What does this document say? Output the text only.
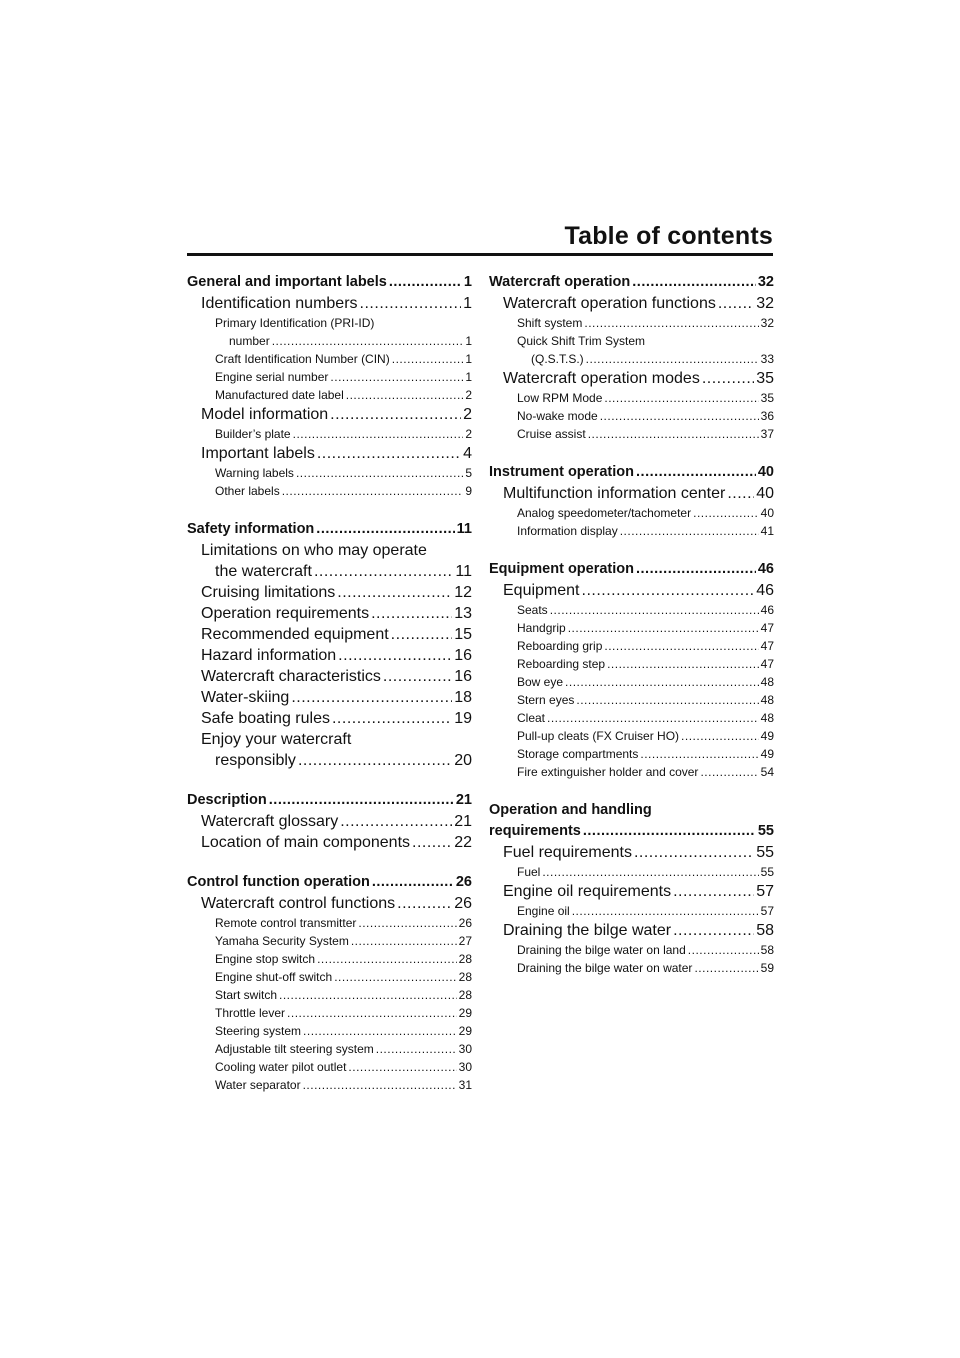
Table of contents
General and important labels .....	1
Identification numbers .....	1
Primary Identification (PRI-ID)
number .....	1
Craft Identification Number (CIN) .....	1
Engine serial number .....	1
Manufactured date label .....	2
Model information .....	2
Builder’s plate .....	2
Important labels .....	4
Warning labels .....	5
Other labels .....	9
Safety information .....	11
Limitations on who may operate
the watercraft .....	11
Cruising limitations .....	12
Operation requirements .....	13
Recommended equipment .....	15
Hazard information .....	16
Watercraft characteristics .....	16
Water-skiing .....	18
Safe boating rules .....	19
Enjoy your watercraft
responsibly .....	20
Description .....	21
Watercraft glossary .....	21
Location of main components .....	22
Control function operation .....	26
Watercraft control functions .....	26
Remote control transmitter .....	26
Yamaha Security System .....	27
Engine stop switch .....	28
Engine shut-off switch .....	28
Start switch .....	28
Throttle lever .....	29
Steering system .....	29
Adjustable tilt steering system .....	30
Cooling water pilot outlet .....	30
Water separator .....	31
Watercraft operation .....	32
Watercraft operation functions .....	32
Shift system .....	32
Quick Shift Trim System
(Q.S.T.S.) .....	33
Watercraft operation modes .....	35
Low RPM Mode .....	35
No-wake mode .....	36
Cruise assist .....	37
Instrument operation .....	40
Multifunction information center ..... 40
Analog speedometer/tachometer .....	40
Information display .....	41
Equipment operation .....	46
Equipment .....	46
Seats .....	46
Handgrip .....	47
Reboarding grip .....	47
Reboarding step .....	47
Bow eye .....	48
Stern eyes .....	48
Cleat .....	48
Pull-up cleats (FX Cruiser HO) .....	49
Storage compartments .....	49
Fire extinguisher holder and cover .....	54
Operation and handling
requirements .....	55
Fuel requirements .....	55
Fuel .....	55
Engine oil requirements .....	57
Engine oil .....	57
Draining the bilge water .....	58
Draining the bilge water on land .....	58
Draining the bilge water on water .....	59
